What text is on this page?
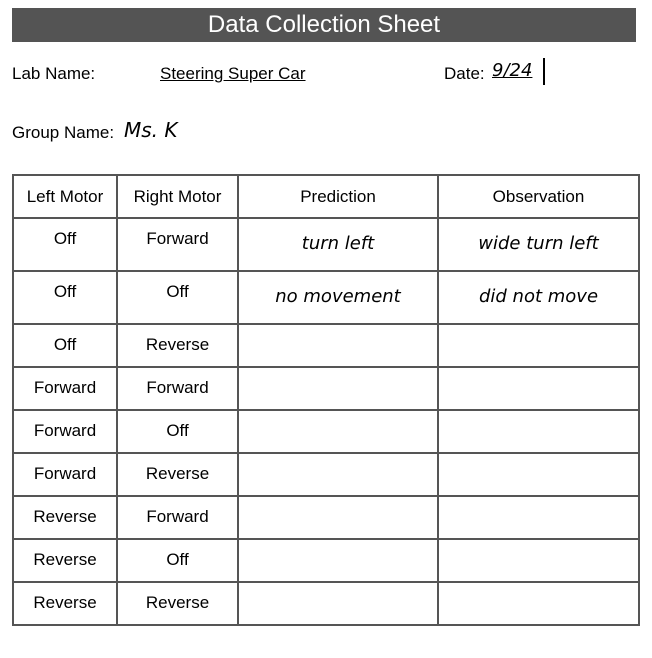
Data Collection Sheet
Lab Name:	Steering Super Car	Date: 9/24
Group Name: Ms. K
Left Motor	Right Motor	Prediction	Observation

Off	Forward	turn left	wide turn left

Off	Off	no movement	did not move

Off	Reverse		

Forward	Forward		

Forward	Off		

Forward	Reverse		

Reverse	Forward		

Reverse	Off		

Reverse	Reverse		
